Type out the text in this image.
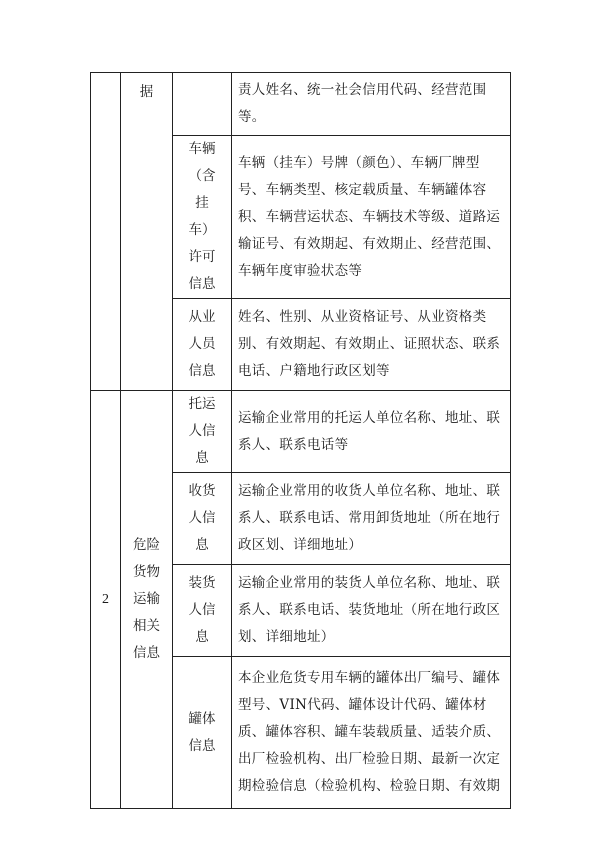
	据		责人姓名、统一社会信用代码、经营范围等。
		车辆（含挂车）许可信息	车辆（挂车）号牌（颜色）、车辆厂牌型号、车辆类型、核定载质量、车辆罐体容积、车辆营运状态、车辆技术等级、道路运输证号、有效期起、有效期止、经营范围、车辆年度审验状态等
		从业人员信息	姓名、性别、从业资格证号、从业资格类别、有效期起、有效期止、证照状态、联系电话、户籍地行政区划等
2	危险货物运输相关信息	托运人信息	运输企业常用的托运人单位名称、地址、联系人、联系电话等
		收货人信息	运输企业常用的收货人单位名称、地址、联系人、联系电话、常用卸货地址（所在地行政区划、详细地址）
		装货人信息	运输企业常用的装货人单位名称、地址、联系人、联系电话、装货地址（所在地行政区划、详细地址）
		罐体信息	本企业危货专用车辆的罐体出厂编号、罐体型号、VIN代码、罐体设计代码、罐体材质、罐体容积、罐车装载质量、适装介质、出厂检验机构、出厂检验日期、最新一次定期检验信息（检验机构、检验日期、有效期
